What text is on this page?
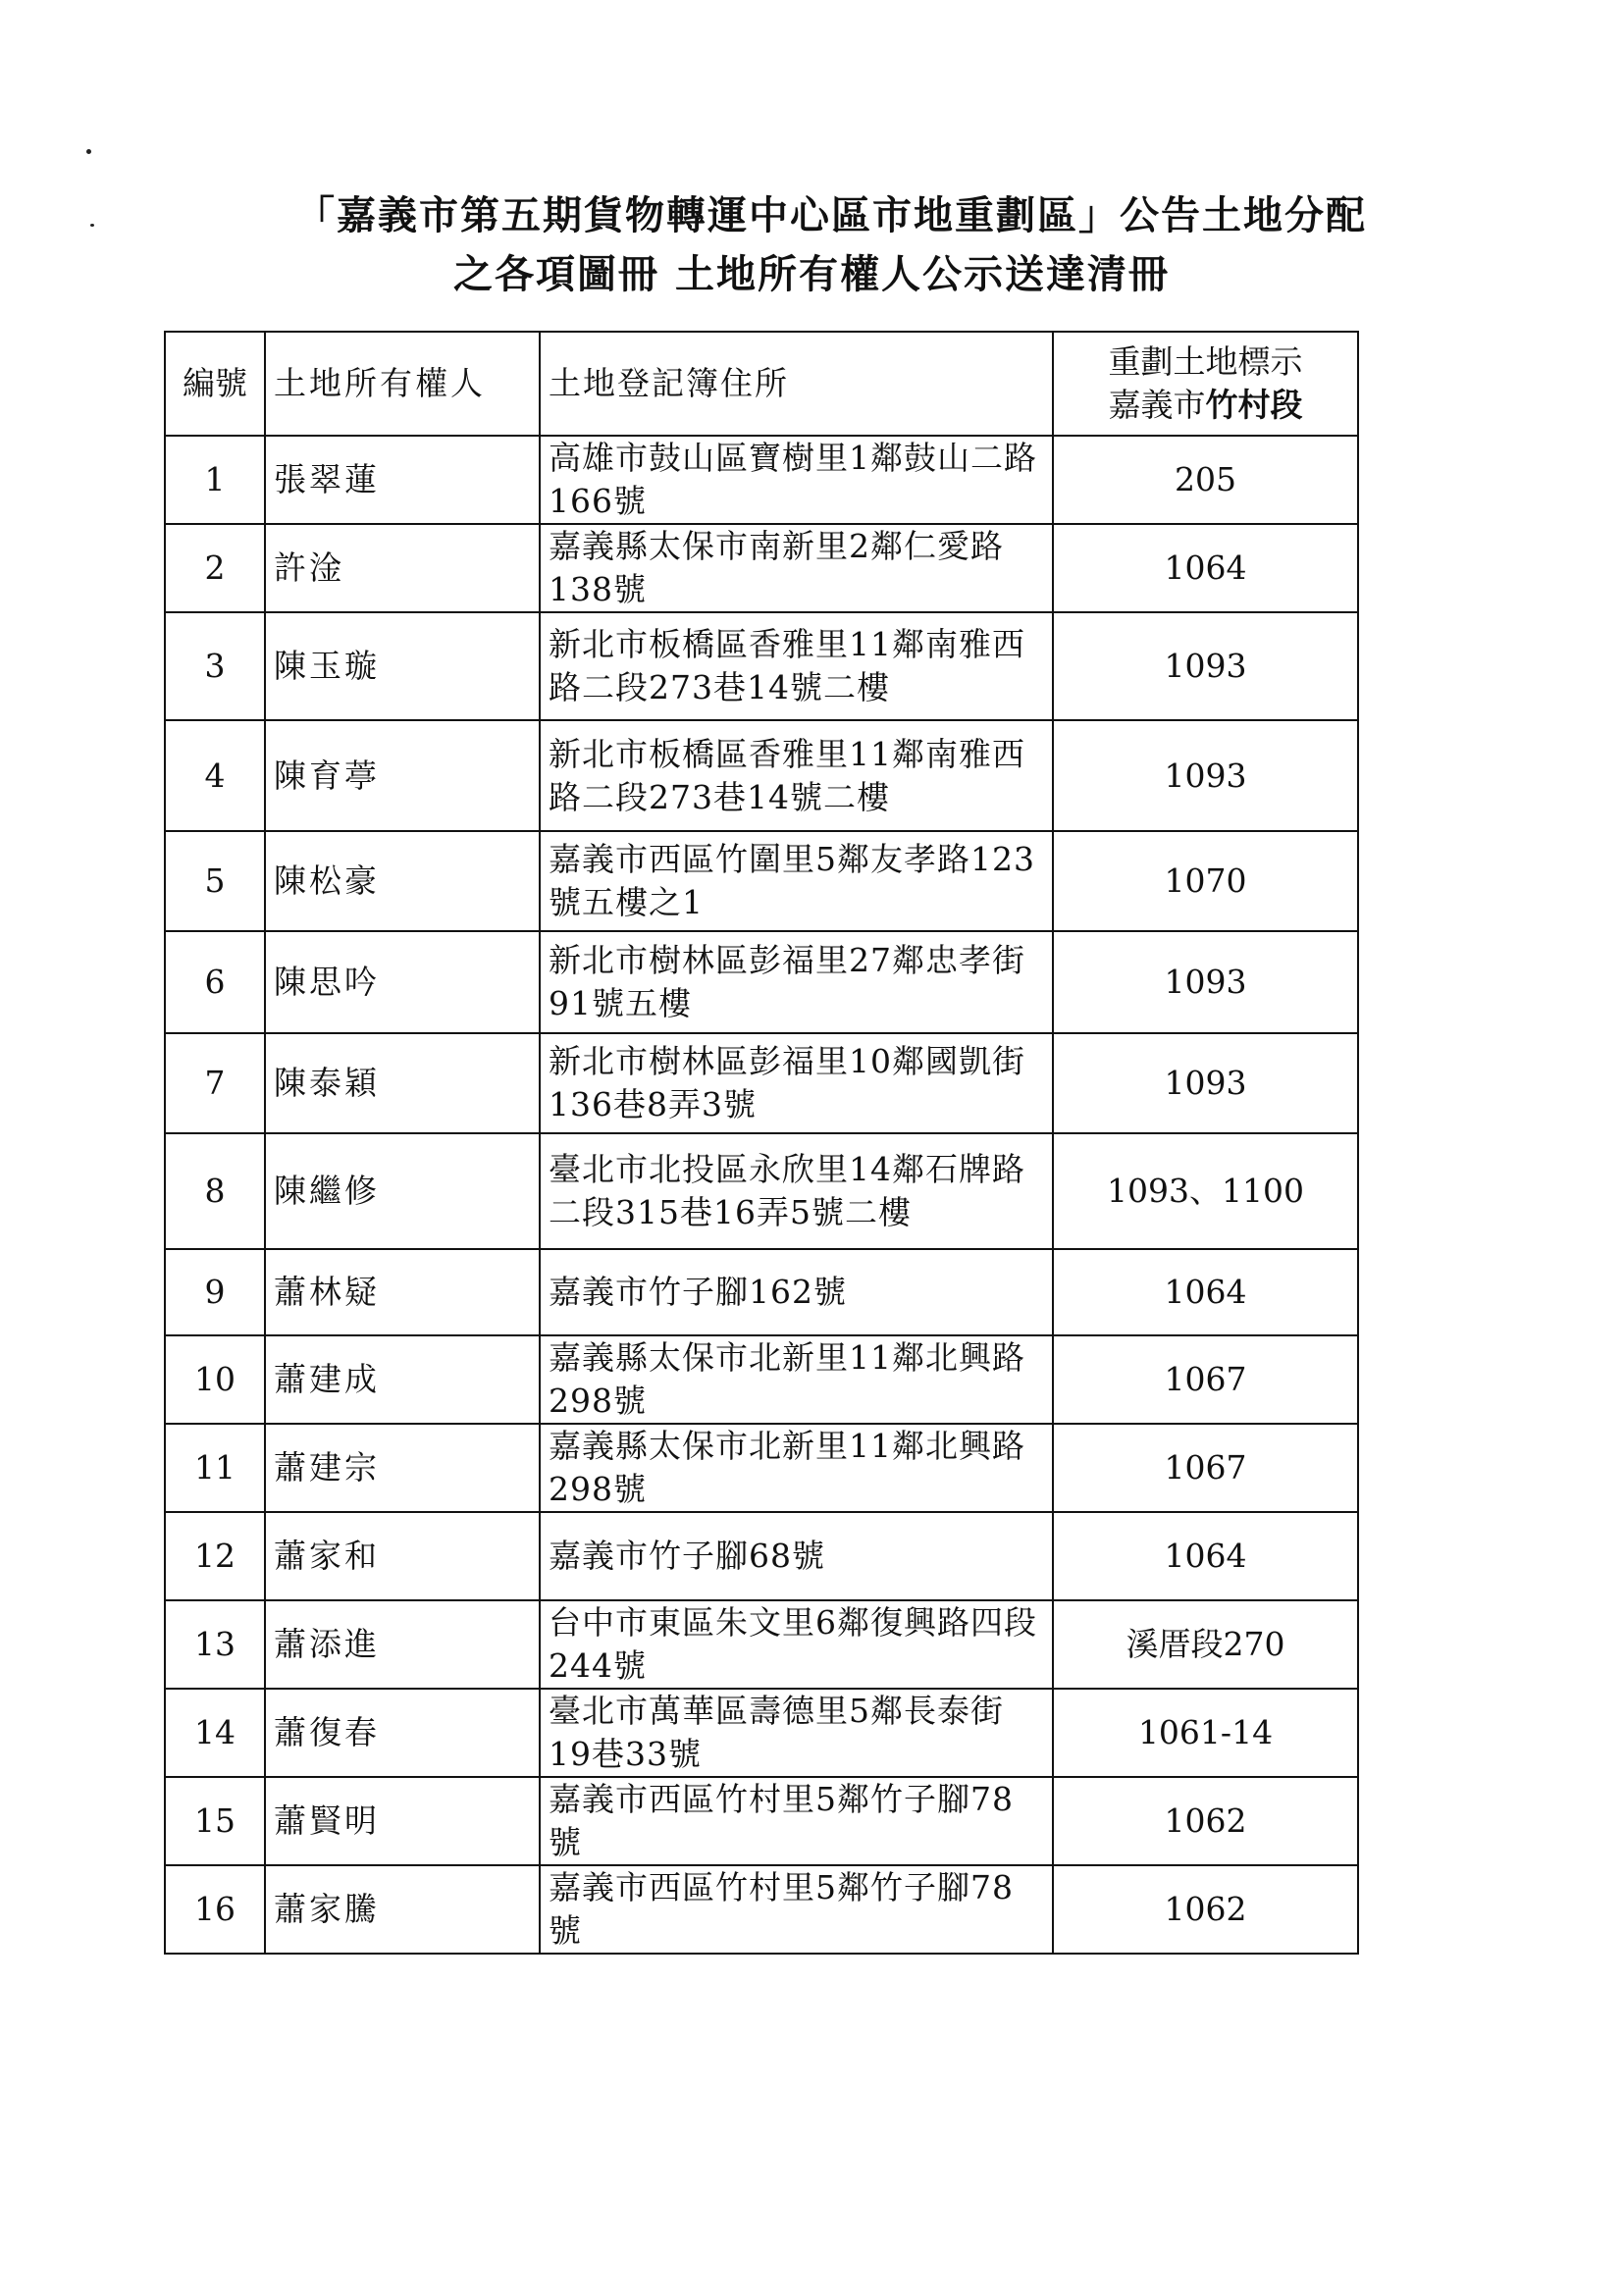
「嘉義市第五期貨物轉運中心區市地重劃區」公告土地分配
之各項圖冊 土地所有權人公示送達清冊
編號	土地所有權人	土地登記簿住所	重劃土地標示
嘉義市竹村段

1	張翠蓮	高雄市鼓山區寶樹里1鄰鼓山二路166號	205
2	許淦	嘉義縣太保市南新里2鄰仁愛路138號	1064
3	陳玉璇	新北市板橋區香雅里11鄰南雅西路二段273巷14號二樓	1093
4	陳育葶	新北市板橋區香雅里11鄰南雅西路二段273巷14號二樓	1093
5	陳松豪	嘉義市西區竹圍里5鄰友孝路123號五樓之1	1070
6	陳思吟	新北市樹林區彭福里27鄰忠孝街91號五樓	1093
7	陳泰穎	新北市樹林區彭福里10鄰國凱街136巷8弄3號	1093
8	陳繼修	臺北市北投區永欣里14鄰石牌路二段315巷16弄5號二樓	1093、1100
9	蕭林疑	嘉義市竹子腳162號	1064
10	蕭建成	嘉義縣太保市北新里11鄰北興路298號	1067
11	蕭建宗	嘉義縣太保市北新里11鄰北興路298號	1067
12	蕭家和	嘉義市竹子腳68號	1064
13	蕭添進	台中市東區朱文里6鄰復興路四段244號	溪厝段270
14	蕭復春	臺北市萬華區壽德里5鄰長泰街19巷33號	1061-14
15	蕭賢明	嘉義市西區竹村里5鄰竹子腳78號	1062
16	蕭家騰	嘉義市西區竹村里5鄰竹子腳78號	1062
